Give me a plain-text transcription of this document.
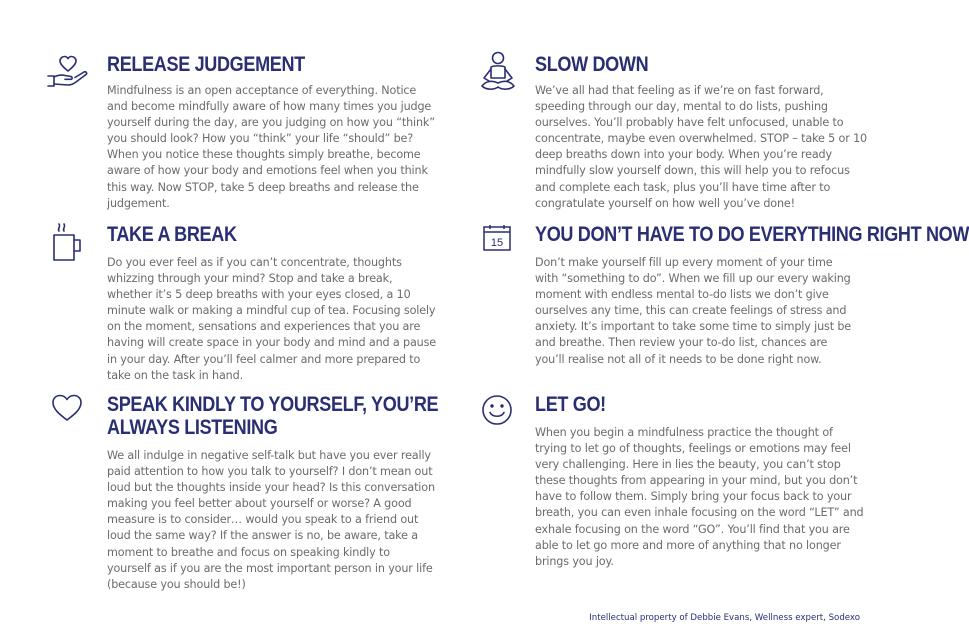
RELEASE JUDGEMENT

Mindfulness is an open acceptance of everything. Notice and become mindfully aware of how many times you judge yourself during the day, are you judging on how you “think” you should look? How you “think” your life “should” be? When you notice these thoughts simply breathe, become aware of how your body and emotions feel when you think this way. Now STOP, take 5 deep breaths and release the judgement.

SLOW DOWN

We’ve all had that feeling as if we’re on fast forward, speeding through our day, mental to do lists, pushing ourselves. You’ll probably have felt unfocused, unable to concentrate, maybe even overwhelmed. STOP – take 5 or 10 deep breaths down into your body. When you’re ready mindfully slow yourself down, this will help you to refocus and complete each task, plus you’ll have time after to congratulate yourself on how well you’ve done!

TAKE A BREAK

Do you ever feel as if you can’t concentrate, thoughts whizzing through your mind? Stop and take a break, whether it’s 5 deep breaths with your eyes closed, a 10 minute walk or making a mindful cup of tea. Focusing solely on the moment, sensations and experiences that you are having will create space in your body and mind and a pause in your day. After you’ll feel calmer and more prepared to take on the task in hand.

15 YOU DON’T HAVE TO DO EVERYTHING RIGHT NOW

Don’t make yourself fill up every moment of your time with “something to do”. When we fill up our every waking moment with endless mental to-do lists we don’t give ourselves any time, this can create feelings of stress and anxiety. It’s important to take some time to simply just be and breathe. Then review your to-do list, chances are you’ll realise not all of it needs to be done right now.

SPEAK KINDLY TO YOURSELF, YOU’RE
ALWAYS LISTENING

We all indulge in negative self-talk but have you ever really paid attention to how you talk to yourself? I don’t mean out loud but the thoughts inside your head? Is this conversation making you feel better about yourself or worse? A good measure is to consider… would you speak to a friend out loud the same way? If the answer is no, be aware, take a moment to breathe and focus on speaking kindly to yourself as if you are the most important person in your life (because you should be!)

LET GO!

When you begin a mindfulness practice the thought of trying to let go of thoughts, feelings or emotions may feel very challenging. Here in lies the beauty, you can’t stop these thoughts from appearing in your mind, but you don’t have to follow them. Simply bring your focus back to your breath, you can even inhale focusing on the word “LET” and exhale focusing on the word “GO”. You’ll find that you are able to let go more and more of anything that no longer brings you joy.

Intellectual property of Debbie Evans, Wellness expert, Sodexo
